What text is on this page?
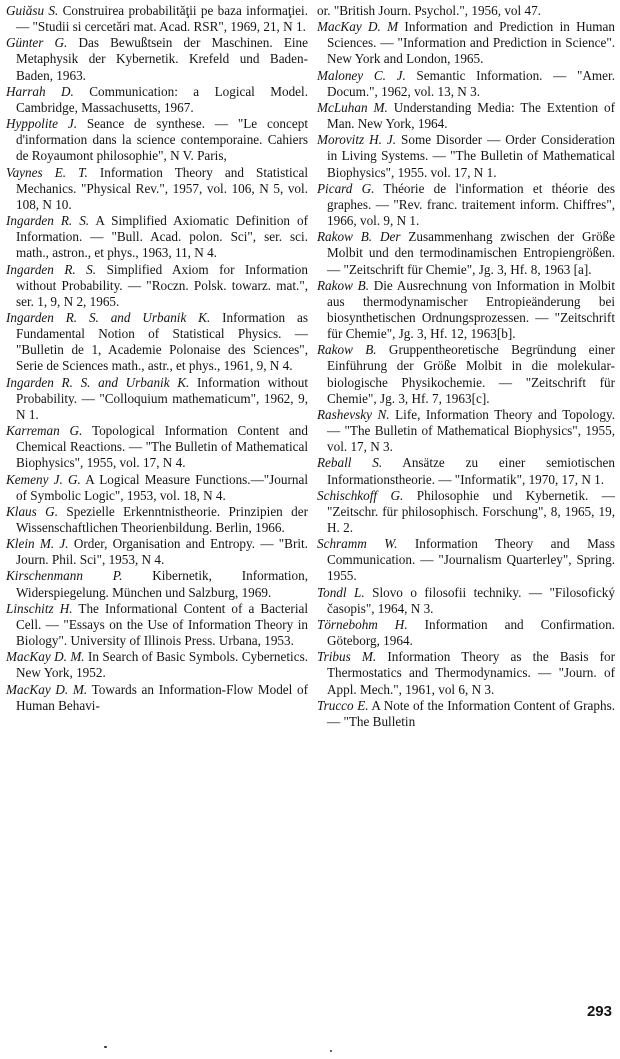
Guiăsu S. Construirea probabilităţii pe baza informaţiei. — "Studii si cercetări mat. Acad. RSR", 1969, 21, N 1.

Günter G. Das Bewußtsein der Maschinen. Eine Metaphysik der Kybernetik. Krefeld und Baden-Baden, 1963.

Harrah D. Communication: a Logical Model. Cambridge, Massachusetts, 1967.

Hyppolite J. Seance de synthese. — "Le concept d'information dans la science contemporaine. Cahiers de Royaumont philosophie", N V. Paris,

Vaynes E. T. Information Theory and Statistical Mechanics. "Physical Rev.", 1957, vol. 106, N 5, vol. 108, N 10.

Ingarden R. S. A Simplified Axiomatic Definition of Information. — "Bull. Acad. polon. Sci", ser. sci. math., astron., et phys., 1963, 11, N 4.

Ingarden R. S. Simplified Axiom for Information without Probability. — "Roczn. Polsk. towarz. mat.", ser. 1, 9, N 2, 1965.

Ingarden R. S. and Urbanik K. Information as Fundamental Notion of Statistical Physics. — "Bulletin de 1, Academie Polonaise des Sciences", Serie de Sciences math., astr., et phys., 1961, 9, N 4.

Ingarden R. S. and Urbanik K. Information without Probability. — "Colloquium mathematicum", 1962, 9, N 1.

Karreman G. Topological Information Content and Chemical Reactions. — "The Bulletin of Mathematical Biophysics", 1955, vol. 17, N 4.

Kemeny J. G. A Logical Measure Functions.—"Journal of Symbolic Logic", 1953, vol. 18, N 4.

Klaus G. Spezielle Erkenntnistheorie. Prinzipien der Wissenschaftlichen Theorienbildung. Berlin, 1966.

Klein M. J. Order, Organisation and Entropy. — "Brit. Journ. Phil. Sci", 1953, N 4.

Kirschenmann P. Kibernetik, Information, Widerspiegelung. München und Salzburg, 1969.

Linschitz H. The Informational Content of a Bacterial Cell. — "Essays on the Use of Information Theory in Biology". University of Illinois Press. Urbana, 1953.

MacKay D. M. In Search of Basic Symbols. Cybernetics. New York, 1952.

MacKay D. M. Towards an Information-Flow Model of Human Behavi-

or. "British Journ. Psychol.", 1956, vol 47.

MacKay D. M Information and Prediction in Human Sciences. — "Information and Prediction in Science". New York and London, 1965.

Maloney C. J. Semantic Information. — "Amer. Docum.", 1962, vol. 13, N 3.

McLuhan M. Understanding Media: The Extention of Man. New York, 1964.

Morovitz H. J. Some Disorder — Order Consideration in Living Systems. — "The Bulletin of Mathematical Biophysics", 1955. vol. 17, N 1.

Picard G. Théorie de l'information et théorie des graphes. — "Rev. franc. traitement inform. Chiffres", 1966, vol. 9, N 1.

Rakow B. Der Zusammenhang zwischen der Größe Molbit und den termodinamischen Entropiengrößen. — "Zeitschrift für Chemie", Jg. 3, Hf. 8, 1963 [a].

Rakow B. Die Ausrechnung von Information in Molbit aus thermodynamischer Entropieänderung bei biosynthetischen Ordnungsprozessen. — "Zeitschrift für Chemie", Jg. 3, Hf. 12, 1963[b].

Rakow B. Gruppentheoretische Begründung einer Einführung der Größe Molbit in die molekular-biologische Physikochemie. — "Zeitschrift für Chemie", Jg. 3, Hf. 7, 1963[c].

Rashevsky N. Life, Information Theory and Topology. — "The Bulletin of Mathematical Biophysics", 1955, vol. 17, N 3.

Reball S. Ansätze zu einer semiotischen Informationstheorie. — "Informatik", 1970, 17, N 1.

Schischkoff G. Philosophie und Kybernetik. — "Zeitschr. für philosophisch. Forschung", 8, 1965, 19, H. 2.

Schramm W. Information Theory and Mass Communication. — "Journalism Quarterley", Spring. 1955.

Tondl L. Slovo o filosofii techniky. — "Filosofický časopis", 1964, N 3.

Törnebohm H. Information and Confirmation. Göteborg, 1964.

Tribus M. Information Theory as the Basis for Thermostatics and Thermodynamics. — "Journ. of Appl. Mech.", 1961, vol 6, N 3.

Trucco E. A Note of the Information Content of Graphs. — "The Bulletin

293
